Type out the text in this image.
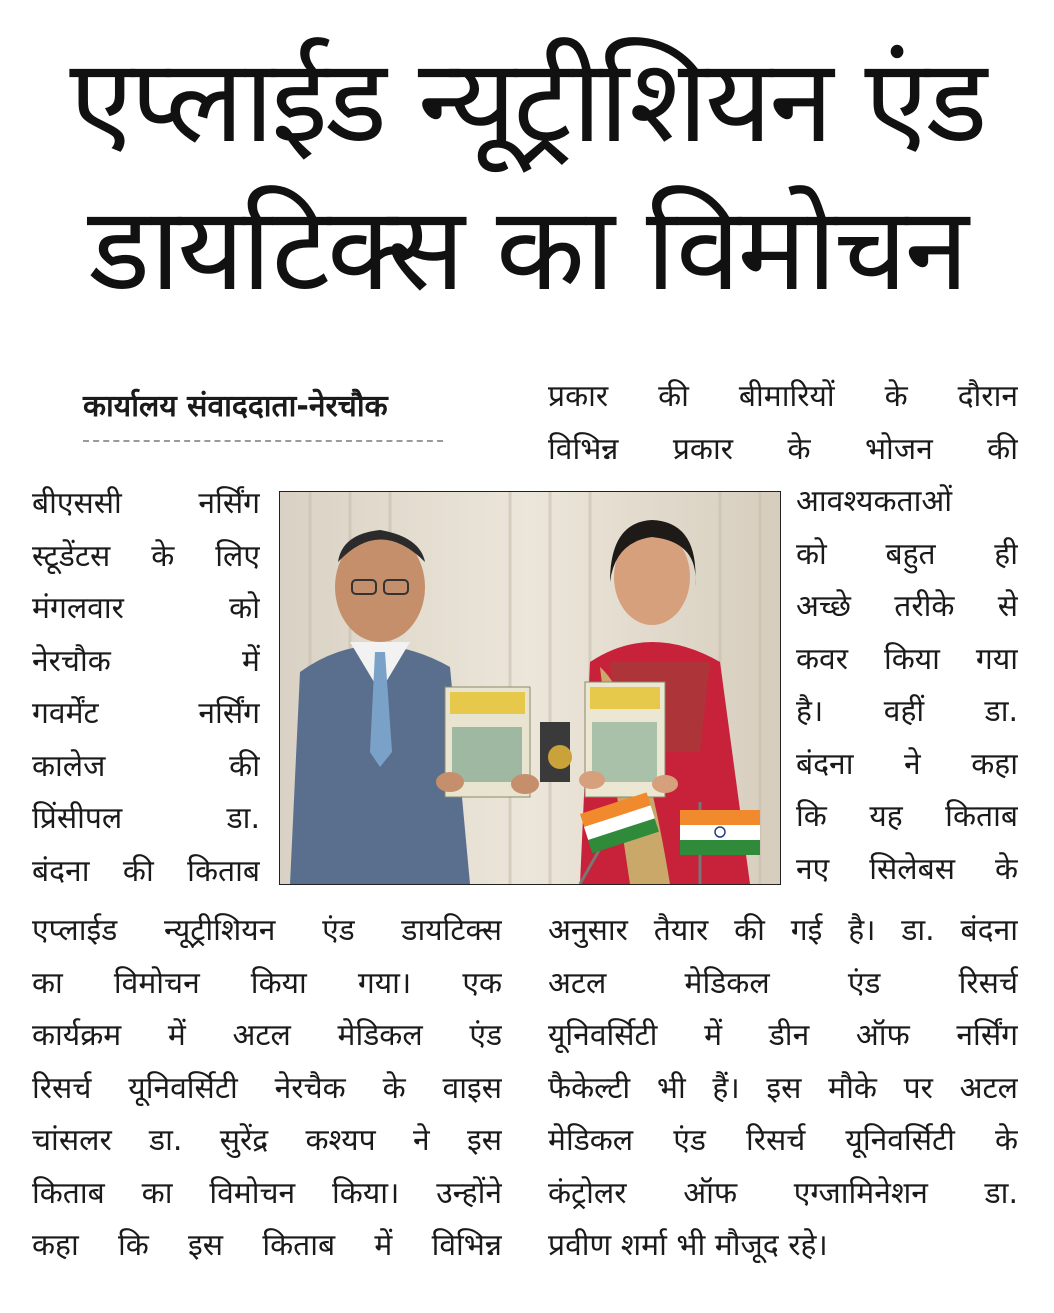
एप्लाईड न्यूट्रीशियन एंड
डायटिक्स का विमोचन
कार्यालय संवाददाता-नेरचौक
बीएससी नर्सिंग
स्टूडेंटस के लिए
मंगलवार को
नेरचौक में
गवर्मेंट नर्सिंग
कालेज की
प्रिंसीपल डा.
बंदना की किताब
एप्लाईड न्यूट्रीशियन एंड डायटिक्स
का विमोचन किया गया। एक
कार्यक्रम में अटल मेडिकल एंड
रिसर्च यूनिवर्सिटी नेरचैक के वाइस
चांसलर डा. सुरेंद्र कश्यप ने इस
किताब का विमोचन किया। उन्होंने
कहा कि इस किताब में विभिन्न
प्रकार की बीमारियों के दौरान
विभिन्न प्रकार के भोजन की
आवश्यकताओं
को बहुत ही
अच्छे तरीके से
कवर किया गया
है। वहीं डा.
बंदना ने कहा
कि यह किताब
नए सिलेबस के
अनुसार तैयार की गई है। डा. बंदना
अटल मेडिकल एंड रिसर्च
यूनिवर्सिटी में डीन ऑफ नर्सिंग
फैकेल्टी भी हैं। इस मौके पर अटल
मेडिकल एंड रिसर्च यूनिवर्सिटी के
कंट्रोलर ऑफ एग्जामिनेशन डा.
प्रवीण शर्मा भी मौजूद रहे।
